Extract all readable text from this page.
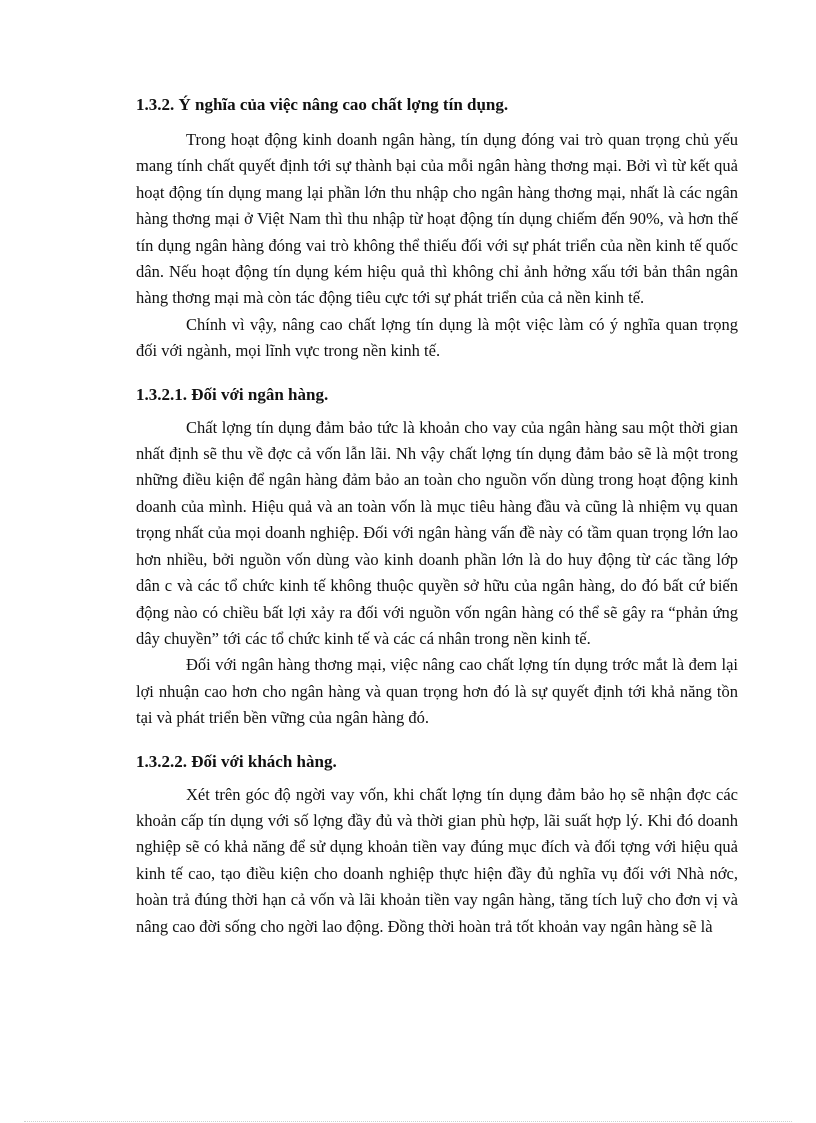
1.3.2. Ý nghĩa của việc nâng cao chất lợng tín dụng.

Trong hoạt động kinh doanh ngân hàng, tín dụng đóng vai trò quan trọng chủ yếu mang tính chất quyết định tới sự thành bại của mỗi ngân hàng thơng mại. Bởi vì từ kết quả hoạt động tín dụng mang lại phần lớn thu nhập cho ngân hàng thơng mại, nhất là các ngân hàng thơng mại ở Việt Nam thì thu nhập từ hoạt động tín dụng chiếm đến 90%, và hơn thế tín dụng ngân hàng đóng vai trò không thể thiếu đối với sự phát triển của nền kinh tế quốc dân. Nếu hoạt động tín dụng kém hiệu quả thì không chỉ ảnh hởng xấu tới bản thân ngân hàng thơng mại mà còn tác động tiêu cực tới sự phát triển của cả nền kinh tế.

Chính vì vậy, nâng cao chất lợng tín dụng là một việc làm có ý nghĩa quan trọng đối với ngành, mọi lĩnh vực trong nền kinh tế.

1.3.2.1. Đối với ngân hàng.

Chất lợng tín dụng đảm bảo tức là khoản cho vay của ngân hàng sau một thời gian nhất định sẽ thu về đợc cả vốn lẫn lãi. Nh vậy chất lợng tín dụng đảm bảo sẽ là một trong những điều kiện để ngân hàng đảm bảo an toàn cho nguồn vốn dùng trong hoạt động kinh doanh của mình. Hiệu quả và an toàn vốn là mục tiêu hàng đầu và cũng là nhiệm vụ quan trọng nhất của mọi doanh nghiệp. Đối với ngân hàng vấn đề này có tầm quan trọng lớn lao hơn nhiều, bởi nguồn vốn dùng vào kinh doanh phần lớn là do huy động từ các tầng lớp dân c và các tổ chức kinh tế không thuộc quyền sở hữu của ngân hàng, do đó bất cứ biến động nào có chiều bất lợi xảy ra đối với nguồn vốn ngân hàng có thể sẽ gây ra “phản ứng dây chuyền” tới các tổ chức kinh tế và các cá nhân trong nền kinh tế.

Đối với ngân hàng thơng mại, việc nâng cao chất lợng tín dụng trớc mắt là đem lại lợi nhuận cao hơn cho ngân hàng và quan trọng hơn đó là sự quyết định tới khả năng tồn tại và phát triển bền vững của ngân hàng đó.

1.3.2.2. Đối với khách hàng.

Xét trên góc độ ngời vay vốn, khi chất lợng tín dụng đảm bảo họ sẽ nhận đợc các khoản cấp tín dụng với số lợng đầy đủ và thời gian phù hợp, lãi suất hợp lý. Khi đó doanh nghiệp sẽ có khả năng để sử dụng khoản tiền vay đúng mục đích và đối tợng với hiệu quả kinh tế cao, tạo điều kiện cho doanh nghiệp thực hiện đầy đủ nghĩa vụ đối với Nhà nớc, hoàn trả đúng thời hạn cả vốn và lãi khoản tiền vay ngân hàng, tăng tích luỹ cho đơn vị và nâng cao đời sống cho ngời lao động. Đồng thời hoàn trả tốt khoản vay ngân hàng sẽ là
